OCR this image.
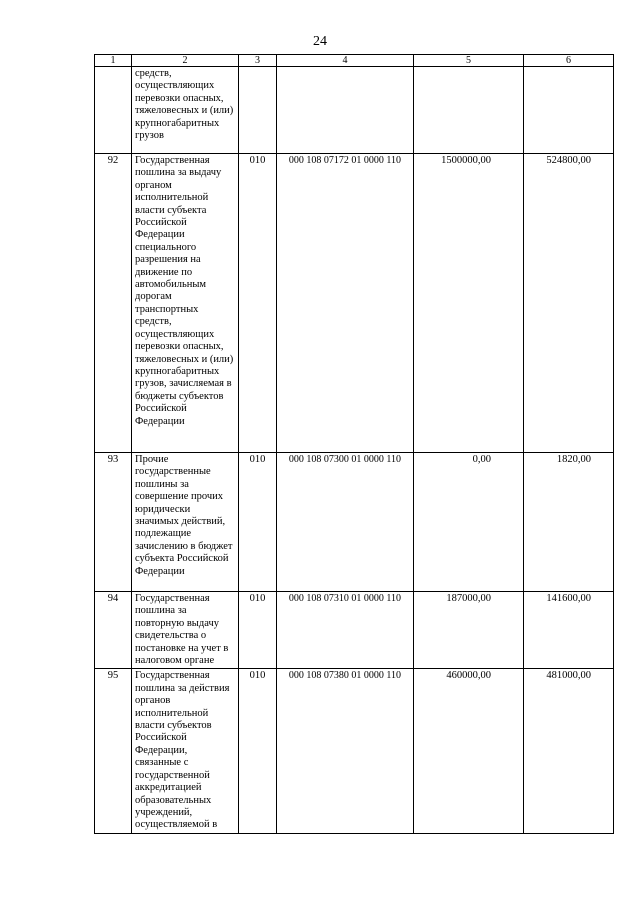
24
1	2	3	4	5	6
	средств, осуществляющих перевозки опасных, тяжеловесных и (или) крупногабаритных грузов				
92	Государственная пошлина за выдачу органом исполнительной власти субъекта Российской Федерации специального разрешения на движение по автомобильным дорогам транспортных средств, осуществляющих перевозки опасных, тяжеловесных и (или) крупногабаритных грузов, зачисляемая в бюджеты субъектов Российской Федерации	010	000 108 07172 01 0000 110	1500000,00	524800,00
93	Прочие государственные пошлины за совершение прочих юридически значимых действий, подлежащие зачислению в бюджет субъекта Российской Федерации	010	000 108 07300 01 0000 110	0,00	1820,00
94	Государственная пошлина за повторную выдачу свидетельства о постановке на учет в налоговом органе	010	000 108 07310 01 0000 110	187000,00	141600,00
95	Государственная пошлина за действия органов исполнительной власти субъектов Российской Федерации, связанные с государственной аккредитацией образовательных учреждений, осуществляемой в	010	000 108 07380 01 0000 110	460000,00	481000,00
